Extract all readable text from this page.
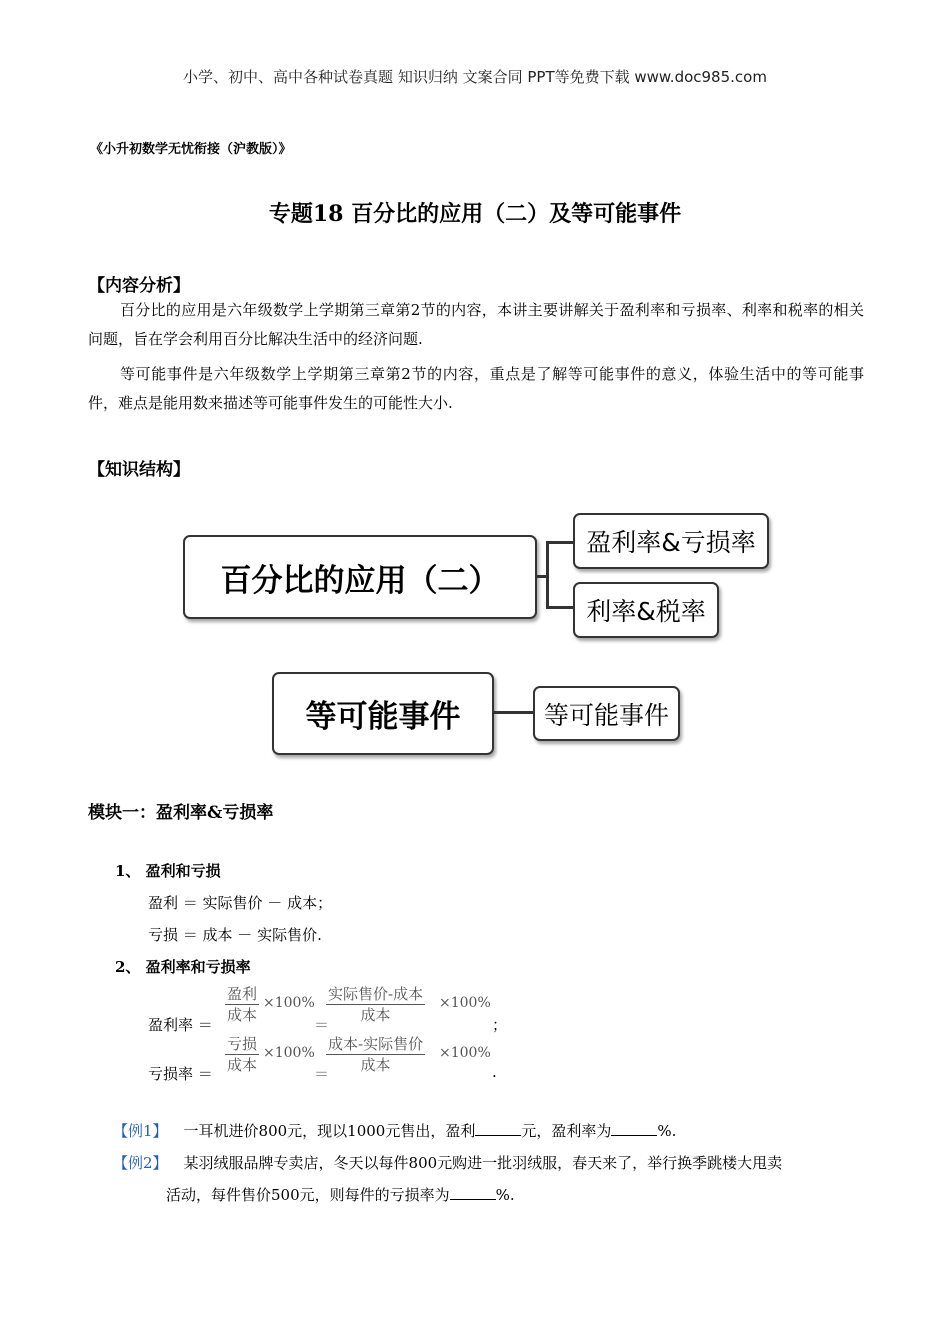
小学、初中、高中各种试卷真题 知识归纳 文案合同 PPT等免费下载 www.doc985.com
《小升初数学无忧衔接（沪教版）》
专题18 百分比的应用（二）及等可能事件
【内容分析】
百分比的应用是六年级数学上学期第三章第2节的内容，本讲主要讲解关于盈利率和亏损率、利率和税率的相关问题，旨在学会利用百分比解决生活中的经济问题.
等可能事件是六年级数学上学期第三章第2节的内容，重点是了解等可能事件的意义，体验生活中的等可能事件，难点是能用数来描述等可能事件发生的可能性大小.
【知识结构】
百分比的应用（二）
盈利率&亏损率
利率&税率
等可能事件	等可能事件
模块一：盈利率&亏损率
1、 盈利和亏损
盈利 ＝ 实际售价 － 成本；
亏损 ＝ 成本 － 实际售价.
2、 盈利率和亏损率
盈利率 ＝
盈利
成本
×100%
＝
实际售价-成本
成本
×100%
；
亏损率 ＝
亏损
成本
×100%
＝
成本-实际售价
成本
×100%
.
【例1】 一耳机进价800元，现以1000元售出，盈利	元，盈利率为	%.
【例2】 某羽绒服品牌专卖店，冬天以每件800元购进一批羽绒服，春天来了，举行换季跳楼大甩卖
活动，每件售价500元，则每件的亏损率为	%.
